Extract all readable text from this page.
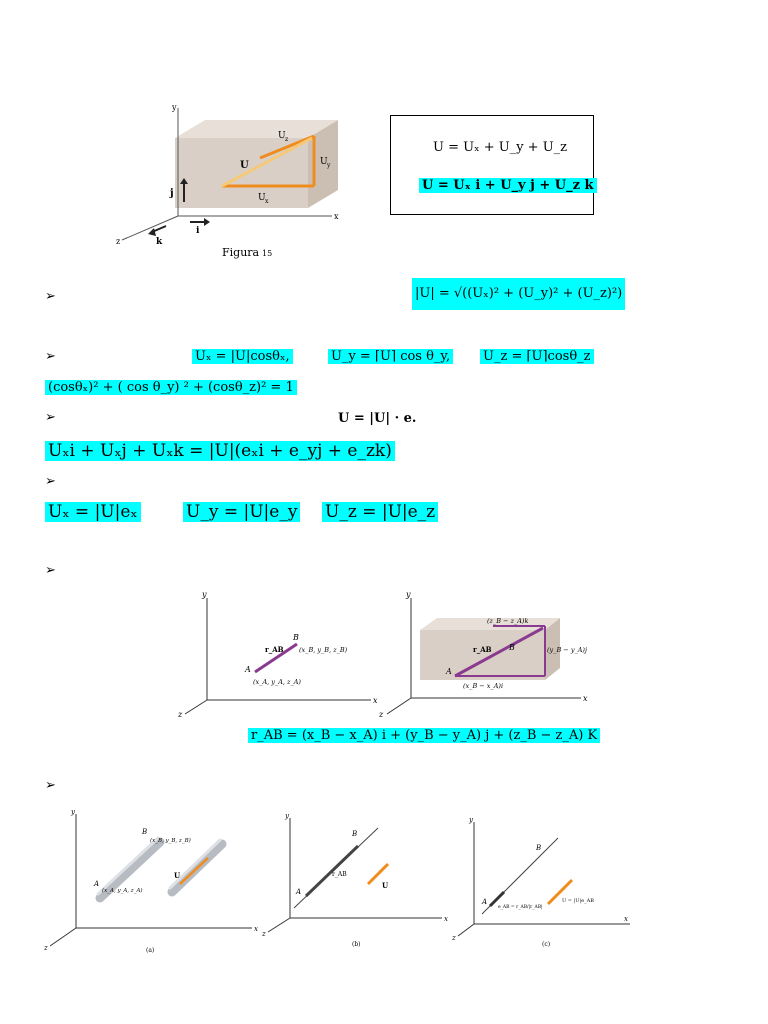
y
x
z
U
U z
U y
U x
j
i
k
Figura 15
U = Uₓ + U_y + U_z
U = Uₓ i + U_y j + U_z k
➢
➢
➢
➢
➢
➢
|U| = √((Uₓ)² + (U_y)² + (U_z)²)
Uₓ = |U|cosθₓ,	U_y = ⌈U⌉ cos θ_y,	U_z = ⌈U⌉cosθ_z
(cosθₓ)² + ( cos θ_y) ² + (cosθ_z)² = 1
U = |U| · e.
Uₓi + Uₓj + Uₓk = |U|(eₓi + e_yj + e_zk)
Uₓ = |U|eₓ	U_y = |U|e_y U_z = |U|e_z
y
x
z
B
A
r_AB (x_B, y_B, z_B)
(x_A, y_A, z_A)
y
x
z
B
A
r_AB
(z_B − z_A)k
(y_B − y_A)j
(x_B − x_A)i
r_AB = (x_B − x_A) i + (y_B − y_A) j + (z_B − z_A) K
y
x
z
B
A
U
(x_B, y_B, z_B)
(x_A, y_A, z_A)
(a)
y
x
z
B
A
r_AB
U
(b)
y
x
z
B
A
e_AB = r_AB/|r_AB|
U = |U|e_AB
(c)
